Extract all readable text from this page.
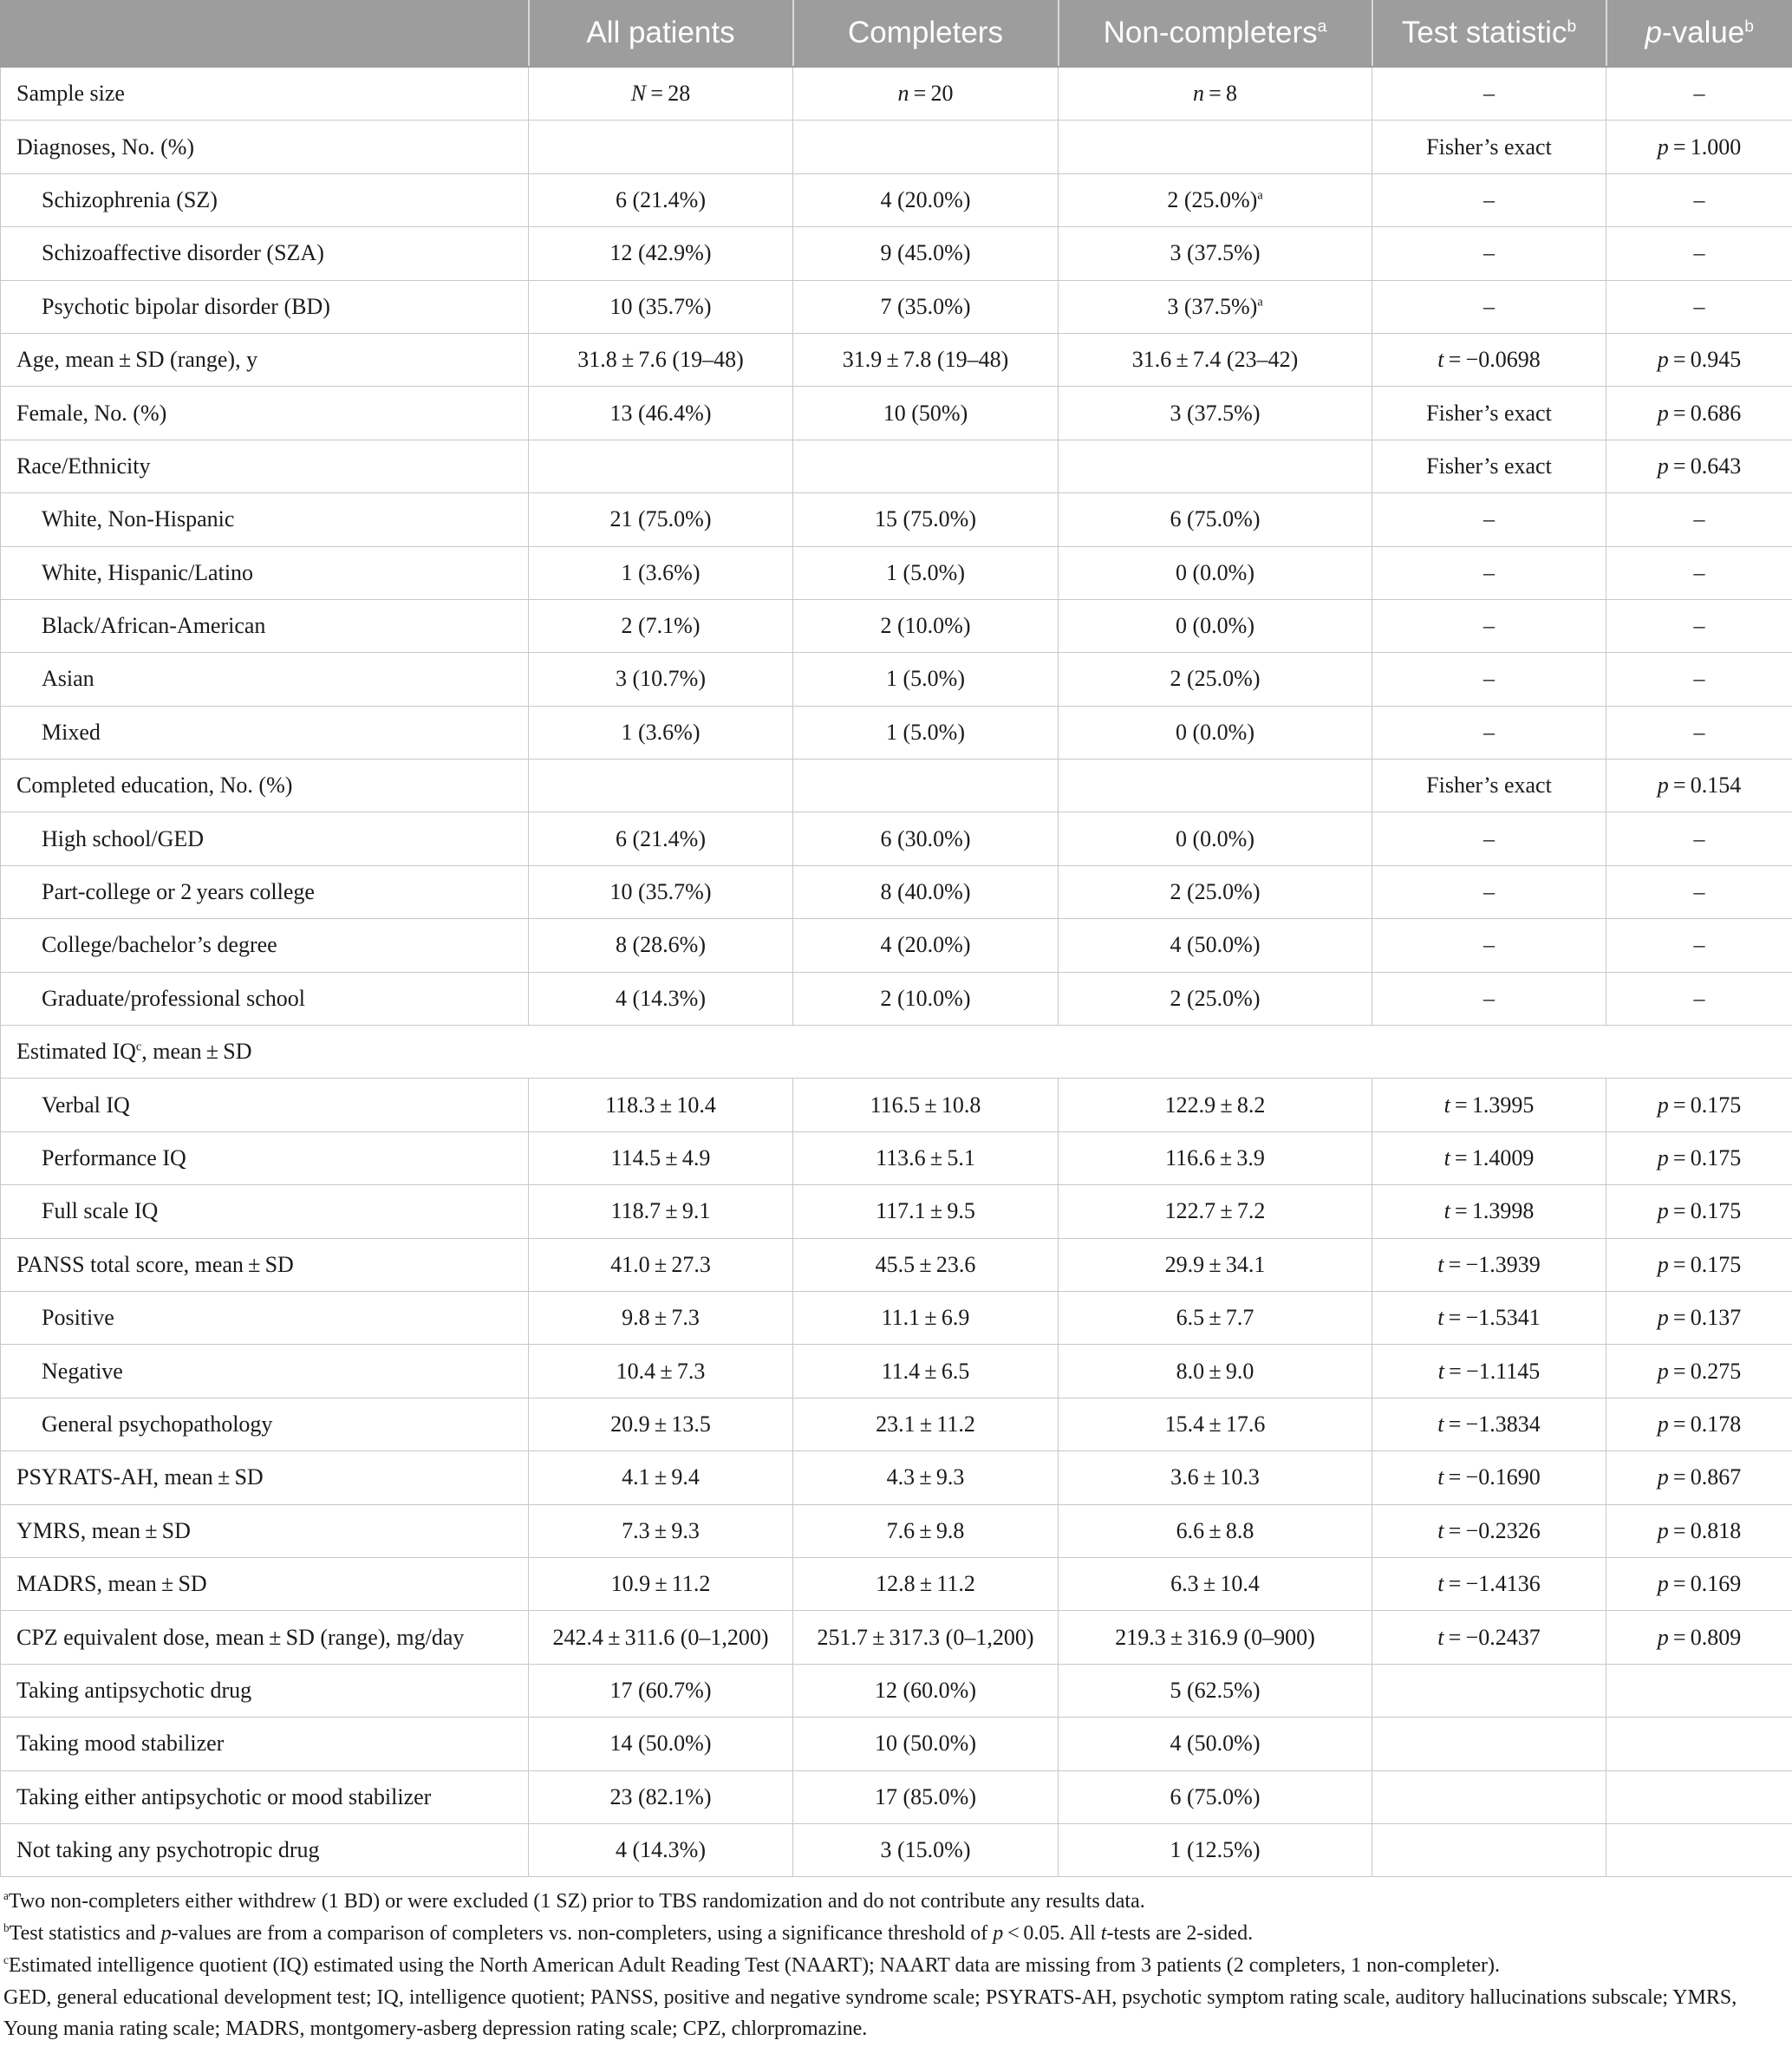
	All patients	Completers	Non-completers$^a$	Test statistic$^b$	p-value$^b$
Sample size	N = 28	n = 20	n = 8	–	–
Diagnoses, No. (%)				Fisher’s exact	p = 1.000
Schizophrenia (SZ)	6 (21.4%)	4 (20.0%)	2 $(25.0\%)^a$	–	–
Schizoaffective disorder (SZA)	12 (42.9%)	9 (45.0%)	3 (37.5%)	–	–
Psychotic bipolar disorder (BD)	10 (35.7%)	7 (35.0%)	3 $(37.5\%)^a$	–	–
Age, mean ± SD (range), y	31.8 ± 7.6 (19–48)	31.9 ± 7.8 (19–48)	31.6 ± 7.4 (23–42)	t = −0.0698	p = 0.945
Female, No. (%)	13 (46.4%)	10 (50%)	3 (37.5%)	Fisher’s exact	p = 0.686
Race/Ethnicity				Fisher’s exact	p = 0.643
White, Non-Hispanic	21 (75.0%)	15 (75.0%)	6 (75.0%)	–	–
White, Hispanic/Latino	1 (3.6%)	1 (5.0%)	0 (0.0%)	–	–
Black/African-American	2 (7.1%)	2 (10.0%)	0 (0.0%)	–	–
Asian	3 (10.7%)	1 (5.0%)	2 (25.0%)	–	–
Mixed	1 (3.6%)	1 (5.0%)	0 (0.0%)	–	–
Completed education, No. (%)				Fisher’s exact	p = 0.154
High school/GED	6 (21.4%)	6 (30.0%)	0 (0.0%)	–	–
Part-college or 2 years college	10 (35.7%)	8 (40.0%)	2 (25.0%)	–	–
College/bachelor’s degree	8 (28.6%)	4 (20.0%)	4 (50.0%)	–	–
Graduate/professional school	4 (14.3%)	2 (10.0%)	2 (25.0%)	–	–
Estimated $IQ^c$, mean ± SD					
Verbal IQ	118.3 ± 10.4	116.5 ± 10.8	122.9 ± 8.2	t = 1.3995	p = 0.175
Performance IQ	114.5 ± 4.9	113.6 ± 5.1	116.6 ± 3.9	t = 1.4009	p = 0.175
Full scale IQ	118.7 ± 9.1	117.1 ± 9.5	122.7 ± 7.2	t = 1.3998	p = 0.175
PANSS total score, mean ± SD	41.0 ± 27.3	45.5 ± 23.6	29.9 ± 34.1	t = −1.3939	p = 0.175
Positive	9.8 ± 7.3	11.1 ± 6.9	6.5 ± 7.7	t = −1.5341	p = 0.137
Negative	10.4 ± 7.3	11.4 ± 6.5	8.0 ± 9.0	t = −1.1145	p = 0.275
General psychopathology	20.9 ± 13.5	23.1 ± 11.2	15.4 ± 17.6	t = −1.3834	p = 0.178
PSYRATS-AH, mean ± SD	4.1 ± 9.4	4.3 ± 9.3	3.6 ± 10.3	t = −0.1690	p = 0.867
YMRS, mean ± SD	7.3 ± 9.3	7.6 ± 9.8	6.6 ± 8.8	t = −0.2326	p = 0.818
MADRS, mean ± SD	10.9 ± 11.2	12.8 ± 11.2	6.3 ± 10.4	t = −1.4136	p = 0.169
CPZ equivalent dose, mean ± SD (range), mg/day	242.4 ± 311.6 (0–1,200)	251.7 ± 317.3 (0–1,200)	219.3 ± 316.9 (0–900)	t = −0.2437	p = 0.809
Taking antipsychotic drug	17 (60.7%)	12 (60.0%)	5 (62.5%)		
Taking mood stabilizer	14 (50.0%)	10 (50.0%)	4 (50.0%)		
Taking either antipsychotic or mood stabilizer	23 (82.1%)	17 (85.0%)	6 (75.0%)		
Not taking any psychotropic drug	4 (14.3%)	3 (15.0%)	1 (12.5%)		

$^a$Two non-completers either withdrew (1 BD) or were excluded (1 SZ) prior to TBS randomization and do not contribute any results data.

$^b$Test statistics and p-values are from a comparison of completers vs. non-completers, using a significance threshold of p < 0.05. All t-tests are 2-sided.

$^c$Estimated intelligence quotient (IQ) estimated using the North American Adult Reading Test (NAART); NAART data are missing from 3 patients (2 completers, 1 non-completer).

GED, general educational development test; IQ, intelligence quotient; PANSS, positive and negative syndrome scale; PSYRATS-AH, psychotic symptom rating scale, auditory hallucinations subscale; YMRS, Young mania rating scale; MADRS, montgomery-asberg depression rating scale; CPZ, chlorpromazine.
